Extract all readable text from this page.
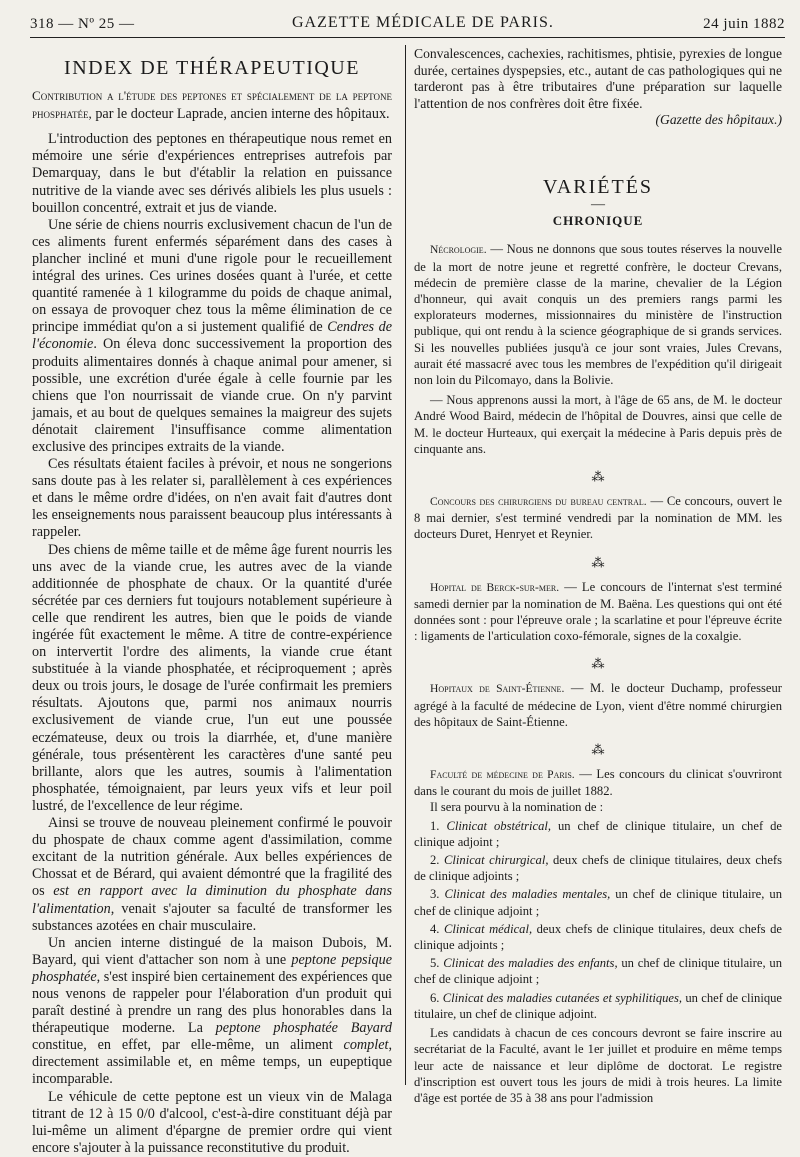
318 — Nº 25 —	GAZETTE MÉDICALE DE PARIS.	24 juin 1882
INDEX DE THÉRAPEUTIQUE

Contribution a l'étude des peptones et spécialement de la peptone phosphatée, par le docteur Laprade, ancien interne des hôpitaux.

L'introduction des peptones en thérapeutique nous remet en mémoire une série d'expériences entreprises autrefois par Demarquay, dans le but d'établir la relation en puissance nutritive de la viande avec ses dérivés alibiels les plus usuels : bouillon concentré, extrait et jus de viande.

Une série de chiens nourris exclusivement chacun de l'un de ces aliments furent enfermés séparément dans des cases à plancher incliné et muni d'une rigole pour le recueillement intégral des urines. Ces urines dosées quant à l'urée, et cette quantité ramenée à 1 kilogramme du poids de chaque animal, on essaya de provoquer chez tous la même élimination de ce principe immédiat qu'on a si justement qualifié de Cendres de l'économie. On éleva donc successivement la proportion des produits alimentaires donnés à chaque animal pour amener, si possible, une excrétion d'urée égale à celle fournie par les chiens que l'on nourrissait de viande crue. On n'y parvint jamais, et au bout de quelques semaines la maigreur des sujets dénotait clairement l'insuffisance comme alimentation exclusive des principes extraits de la viande.

Ces résultats étaient faciles à prévoir, et nous ne songerions sans doute pas à les relater si, parallèlement à ces expériences et dans le même ordre d'idées, on n'en avait fait d'autres dont les enseignements nous paraissent beaucoup plus intéressants à rappeler.

Des chiens de même taille et de même âge furent nourris les uns avec de la viande crue, les autres avec de la viande additionnée de phosphate de chaux. Or la quantité d'urée sécrétée par ces derniers fut toujours notablement supérieure à celle que rendirent les autres, bien que le poids de viande ingérée fût exactement le même. A titre de contre-expérience on intervertit l'ordre des aliments, la viande crue étant substituée à la viande phosphatée, et réciproquement ; après deux ou trois jours, le dosage de l'urée confirmait les premiers résultats. Ajoutons que, parmi nos animaux nourris exclusivement de viande crue, l'un eut une poussée eczémateuse, deux ou trois la diarrhée, et, d'une manière générale, tous présentèrent les caractères d'une santé peu brillante, alors que les autres, soumis à l'alimentation phosphatée, témoignaient, par leurs yeux vifs et leur poil lustré, de l'excellence de leur régime.

Ainsi se trouve de nouveau pleinement confirmé le pouvoir du phospate de chaux comme agent d'assimilation, comme excitant de la nutrition générale. Aux belles expériences de Chossat et de Bérard, qui avaient démontré que la fragilité des os est en rapport avec la diminution du phosphate dans l'alimentation, venait s'ajouter sa faculté de transformer les substances azotées en chair musculaire.

Un ancien interne distingué de la maison Dubois, M. Bayard, qui vient d'attacher son nom à une peptone pepsique phosphatée, s'est inspiré bien certainement des expériences que nous venons de rappeler pour l'élaboration d'un produit qui paraît destiné à prendre un rang des plus honorables dans la thérapeutique moderne. La peptone phosphatée Bayard constitue, en effet, par elle-même, un aliment complet, directement assimilable et, en même temps, un eupeptique incomparable.

Le véhicule de cette peptone est un vieux vin de Malaga titrant de 12 à 15 0/0 d'alcool, c'est-à-dire constituant déjà par lui-même un aliment d'épargne de premier ordre qui vient encore s'ajouter à la puissance reconstitutive du produit.

Convalescences, cachexies, rachitismes, phtisie, pyrexies de longue durée, certaines dyspepsies, etc., autant de cas pathologiques qui ne tarderont pas à être tributaires d'une préparation sur laquelle l'attention de nos confrères doit être fixée.
(Gazette des hôpitaux.)

VARIÉTÉS
—
CHRONIQUE

Nécrologie. — Nous ne donnons que sous toutes réserves la nouvelle de la mort de notre jeune et regretté confrère, le docteur Crevans, médecin de première classe de la marine, chevalier de la Légion d'honneur, qui avait conquis un des premiers rangs parmi les explorateurs modernes, missionnaires du ministère de l'instruction publique, qui ont rendu à la science géographique de si grands services. Si les nouvelles publiées jusqu'à ce jour sont vraies, Jules Crevans, aurait été massacré avec tous les membres de l'expédition qu'il dirigeait non loin du Pilcomayo, dans la Bolivie.

— Nous apprenons aussi la mort, à l'âge de 65 ans, de M. le docteur André Wood Baird, médecin de l'hôpital de Douvres, ainsi que celle de M. le docteur Hurteaux, qui exerçait la médecine à Paris depuis près de cinquante ans.

⁂

Concours des chirurgiens du bureau central. — Ce concours, ouvert le 8 mai dernier, s'est terminé vendredi par la nomination de MM. les docteurs Duret, Henryet et Reynier.

⁂

Hopital de Berck-sur-mer. — Le concours de l'internat s'est terminé samedi dernier par la nomination de M. Baëna. Les questions qui ont été données sont : pour l'épreuve orale ; la scarlatine et pour l'épreuve écrite : ligaments de l'articulation coxo-fémorale, signes de la coxalgie.

⁂

Hopitaux de Saint-Étienne. — M. le docteur Duchamp, professeur agrégé à la faculté de médecine de Lyon, vient d'être nommé chirurgien des hôpitaux de Saint-Étienne.

⁂

Faculté de médecine de Paris. — Les concours du clinicat s'ouvriront dans le courant du mois de juillet 1882.

Il sera pourvu à la nomination de :

1. Clinicat obstétrical, un chef de clinique titulaire, un chef de clinique adjoint ;

2. Clinicat chirurgical, deux chefs de clinique titulaires, deux chefs de clinique adjoints ;

3. Clinicat des maladies mentales, un chef de clinique titulaire, un chef de clinique adjoint ;

4. Clinicat médical, deux chefs de clinique titulaires, deux chefs de clinique adjoints ;

5. Clinicat des maladies des enfants, un chef de clinique titulaire, un chef de clinique adjoint ;

6. Clinicat des maladies cutanées et syphilitiques, un chef de clinique titulaire, un chef de clinique adjoint.

Les candidats à chacun de ces concours devront se faire inscrire au secrétariat de la Faculté, avant le 1er juillet et produire en même temps leur acte de naissance et leur diplôme de doctorat. Le registre d'inscription est ouvert tous les jours de midi à trois heures. La limite d'âge est portée de 35 à 38 ans pour l'admission
